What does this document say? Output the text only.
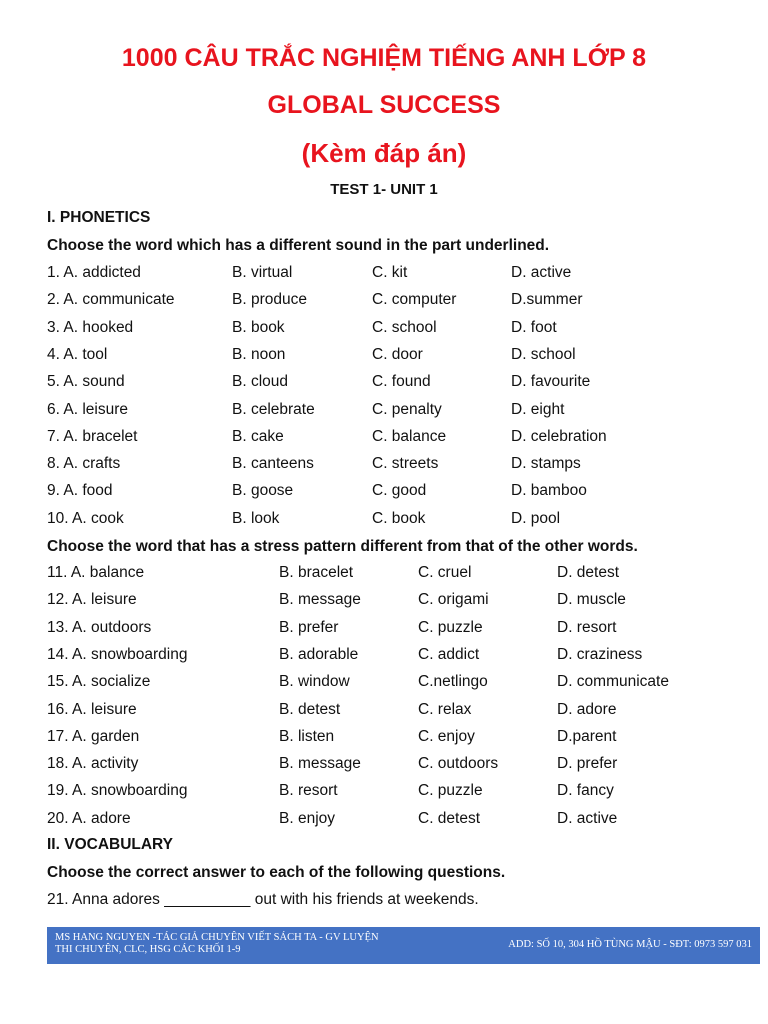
1000 CÂU TRẮC NGHIỆM TIẾNG ANH LỚP 8
GLOBAL SUCCESS
(Kèm đáp án)
TEST 1- UNIT 1
I. PHONETICS
Choose the word which has a different sound in the part underlined.
1. A. addicted	B. virtual	C. kit	D. active
2. A. communicate	B. produce	C. computer	D.summer
3. A. hooked	B. book	C. school	D. foot
4. A. tool	B. noon	C. door	D. school
5. A. sound	B. cloud	C. found	D. favourite
6. A. leisure	B. celebrate	C. penalty	D. eight
7. A. bracelet	B. cake	C. balance	D. celebration
8. A. crafts	B. canteens	C. streets	D. stamps
9. A. food	B. goose	C. good	D. bamboo
10. A. cook	B. look	C. book	D. pool
Choose the word that has a stress pattern different from that of the other words.
11. A. balance	B. bracelet	C. cruel	D. detest
12. A. leisure	B. message	C. origami	D. muscle
13. A. outdoors	B. prefer	C. puzzle	D. resort
14. A. snowboarding	B. adorable	C. addict	D. craziness
15. A. socialize	B. window	C.netlingo	D. communicate
16. A. leisure	B. detest	C. relax	D. adore
17. A. garden	B. listen	C. enjoy	D.parent
18. A. activity	B. message	C. outdoors	D. prefer
19. A. snowboarding	B. resort	C. puzzle	D. fancy
20. A. adore	B. enjoy	C. detest	D. active
II. VOCABULARY
Choose the correct answer to each of the following questions.
21. Anna adores __________ out with his friends at weekends.
MS HANG NGUYEN -TÁC GIẢ CHUYÊN VIẾT SÁCH TA - GV LUYỆN
THI CHUYÊN, CLC, HSG CÁC KHỐI 1-9	ADD: SỐ 10, 304 HỒ TÙNG MẬU - SĐT: 0973 597 031
